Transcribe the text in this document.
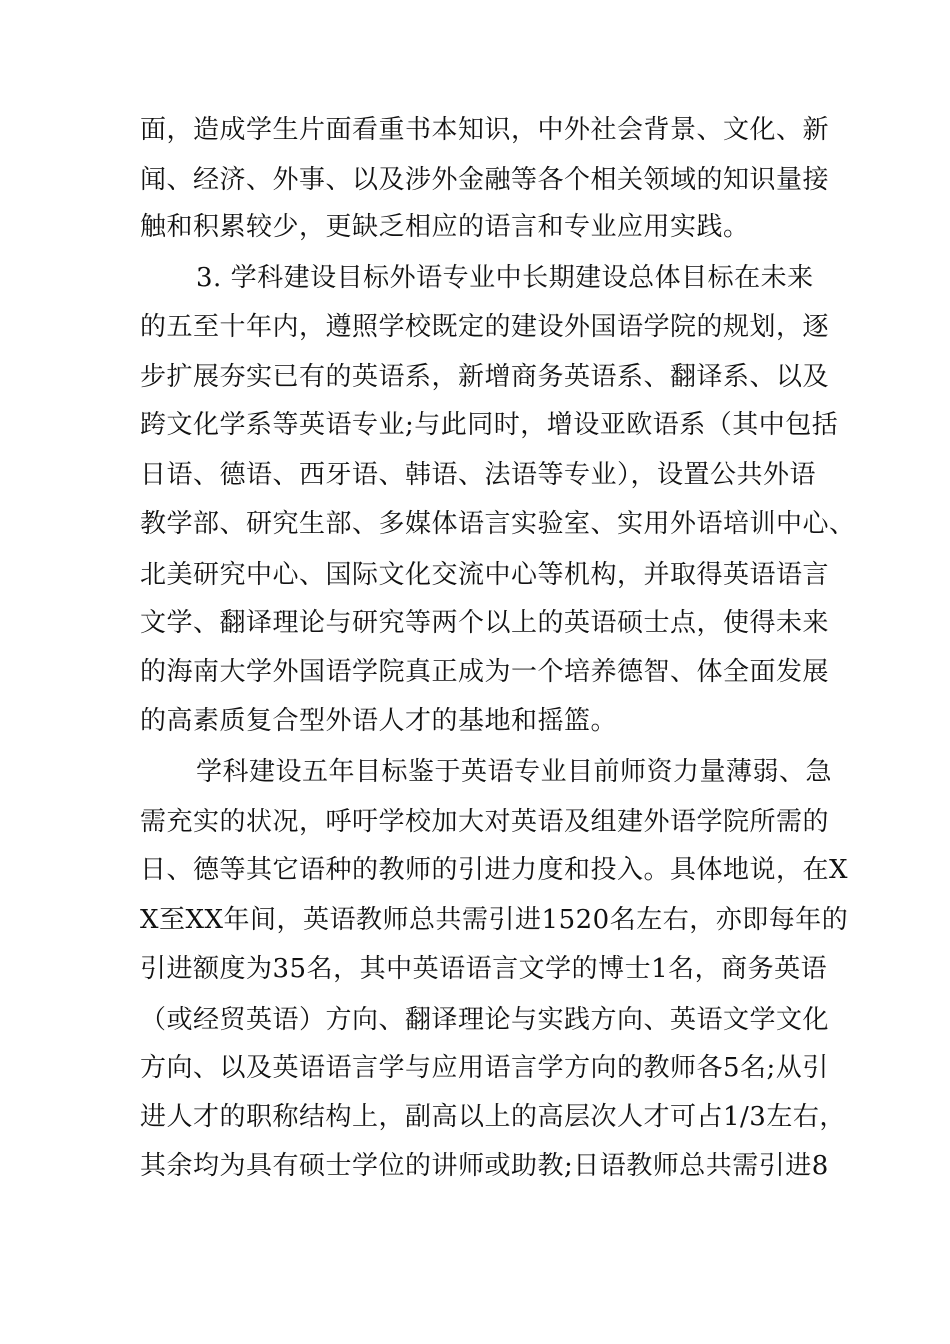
面，造成学生片面看重书本知识，中外社会背景、文化、新
闻、经济、外事、以及涉外金融等各个相关领域的知识量接
触和积累较少，更缺乏相应的语言和专业应用实践。
3. 学科建设目标外语专业中长期建设总体目标在未来
的五至十年内，遵照学校既定的建设外国语学院的规划，逐
步扩展夯实已有的英语系，新增商务英语系、翻译系、以及
跨文化学系等英语专业;与此同时，增设亚欧语系（其中包括
日语、德语、西牙语、韩语、法语等专业），设置公共外语
教学部、研究生部、多媒体语言实验室、实用外语培训中心、
北美研究中心、国际文化交流中心等机构，并取得英语语言
文学、翻译理论与研究等两个以上的英语硕士点，使得未来
的海南大学外国语学院真正成为一个培养德智、体全面发展
的高素质复合型外语人才的基地和摇篮。
学科建设五年目标鉴于英语专业目前师资力量薄弱、急
需充实的状况，呼吁学校加大对英语及组建外语学院所需的
日、德等其它语种的教师的引进力度和投入。具体地说，在X
X至XX年间，英语教师总共需引进1520名左右，亦即每年的
引进额度为35名，其中英语语言文学的博士1名，商务英语
（或经贸英语）方向、翻译理论与实践方向、英语文学文化
方向、以及英语语言学与应用语言学方向的教师各5名;从引
进人才的职称结构上，副高以上的高层次人才可占1/3左右，
其余均为具有硕士学位的讲师或助教;日语教师总共需引进8
